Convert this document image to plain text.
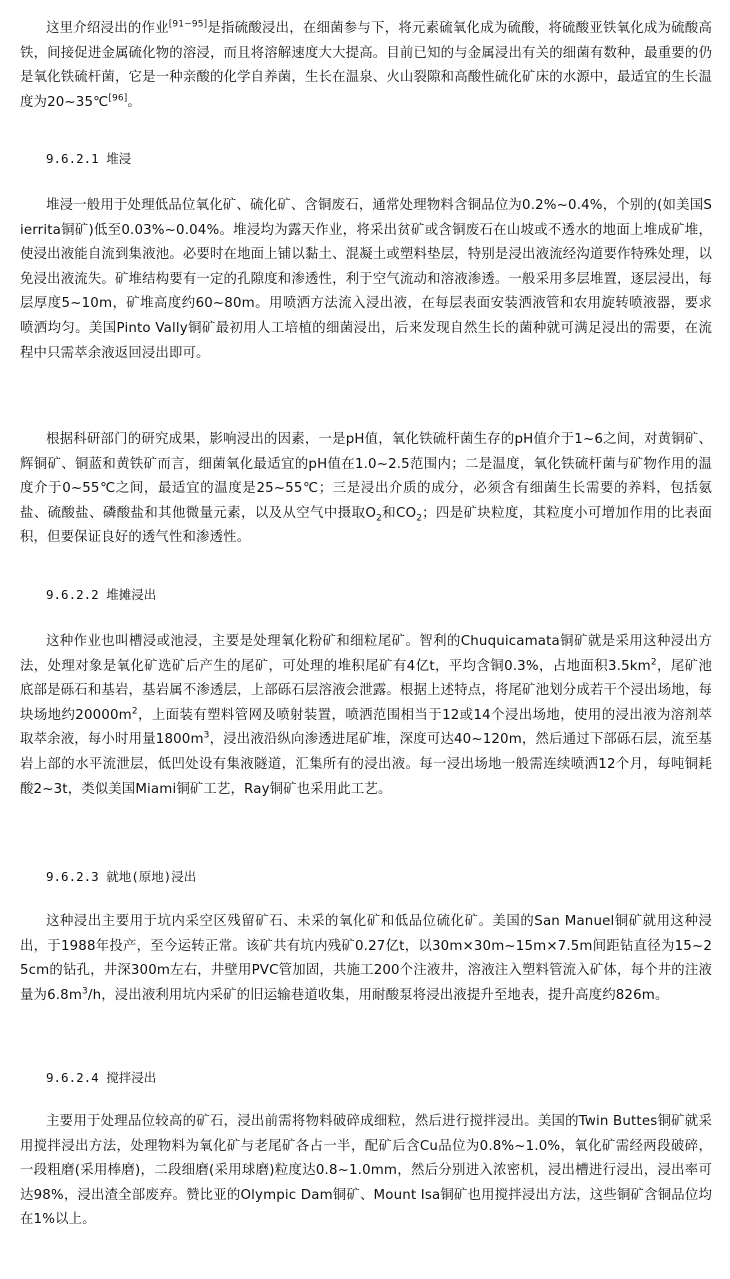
这里介绍浸出的作业[91~95]是指硫酸浸出，在细菌参与下，将元素硫氧化成为硫酸，将硫酸亚铁氧化成为硫酸高铁，间接促进金属硫化物的溶浸，而且将溶解速度大大提高。目前已知的与金属浸出有关的细菌有数种，最重要的仍是氧化铁硫杆菌，它是一种亲酸的化学自养菌，生长在温泉、火山裂隙和高酸性硫化矿床的水源中，最适宜的生长温度为20~35℃[96]。
9.6.2.1 堆浸
堆浸一般用于处理低品位氧化矿、硫化矿、含铜废石，通常处理物料含铜品位为0.2%~0.4%，个别的(如美国Sierrita铜矿)低至0.03%~0.04%。堆浸均为露天作业，将采出贫矿或含铜废石在山坡或不透水的地面上堆成矿堆，使浸出液能自流到集液池。必要时在地面上铺以黏土、混凝土或塑料垫层，特别是浸出液流经沟道要作特殊处理，以免浸出液流失。矿堆结构要有一定的孔隙度和渗透性，利于空气流动和溶液渗透。一般采用多层堆置，逐层浸出，每层厚度5~10m，矿堆高度约60~80m。用喷洒方法流入浸出液，在每层表面安装洒液管和农用旋转喷液器，要求喷洒均匀。美国Pinto Vally铜矿最初用人工培植的细菌浸出，后来发现自然生长的菌种就可满足浸出的需要，在流程中只需萃余液返回浸出即可。
根据科研部门的研究成果，影响浸出的因素，一是pH值，氧化铁硫杆菌生存的pH值介于1~6之间，对黄铜矿、辉铜矿、铜蓝和黄铁矿而言，细菌氧化最适宜的pH值在1.0~2.5范围内；二是温度，氧化铁硫杆菌与矿物作用的温度介于0~55℃之间，最适宜的温度是25~55℃；三是浸出介质的成分，必须含有细菌生长需要的养料，包括氨盐、硫酸盐、磷酸盐和其他微量元素，以及从空气中摄取$O_2$和$CO_2$；四是矿块粒度，其粒度小可增加作用的比表面积，但要保证良好的透气性和渗透性。
9.6.2.2 堆摊浸出
这种作业也叫槽浸或池浸，主要是处理氧化粉矿和细粒尾矿。智利的Chuquicamata铜矿就是采用这种浸出方法，处理对象是氧化矿选矿后产生的尾矿，可处理的堆积尾矿有4亿t，平均含铜0.3%，占地面积$3.5km^2$，尾矿池底部是砾石和基岩，基岩属不渗透层，上部砾石层溶液会泄露。根据上述特点，将尾矿池划分成若干个浸出场地，每块场地约$20000m^2$，上面装有塑料管网及喷射装置，喷洒范围相当于12或14个浸出场地，使用的浸出液为溶剂萃取萃余液，每小时用量$1800m^3$，浸出液沿纵向渗透进尾矿堆，深度可达40~120m，然后通过下部砾石层，流至基岩上部的水平流泄层，低凹处设有集液隧道，汇集所有的浸出液。每一浸出场地一般需连续喷洒12个月，每吨铜耗酸2~3t，类似美国Miami铜矿工艺，Ray铜矿也采用此工艺。
9.6.2.3 就地(原地)浸出
这种浸出主要用于坑内采空区残留矿石、未采的氧化矿和低品位硫化矿。美国的San Manuel铜矿就用这种浸出，于1988年投产，至今运转正常。该矿共有坑内残矿0.27亿t，以30m×30m~15m×7.5m间距钻直径为15~25cm的钻孔，井深300m左右，井壁用PVC管加固，共施工200个注液井，溶液注入塑料管流入矿体，每个井的注液量为$6.8m^3/h$，浸出液利用坑内采矿的旧运输巷道收集，用耐酸泵将浸出液提升至地表，提升高度约826m。
9.6.2.4 搅拌浸出
主要用于处理品位较高的矿石，浸出前需将物料破碎成细粒，然后进行搅拌浸出。美国的Twin Buttes铜矿就采用搅拌浸出方法，处理物料为氧化矿与老尾矿各占一半，配矿后含Cu品位为0.8%~1.0%，氧化矿需经两段破碎，一段粗磨(采用棒磨)，二段细磨(采用球磨)粒度达0.8~1.0mm，然后分别进入浓密机，浸出槽进行浸出，浸出率可达98%，浸出渣全部废弃。赞比亚的Olympic Dam铜矿、Mount Isa铜矿也用搅拌浸出方法，这些铜矿含铜品位均在1%以上。
